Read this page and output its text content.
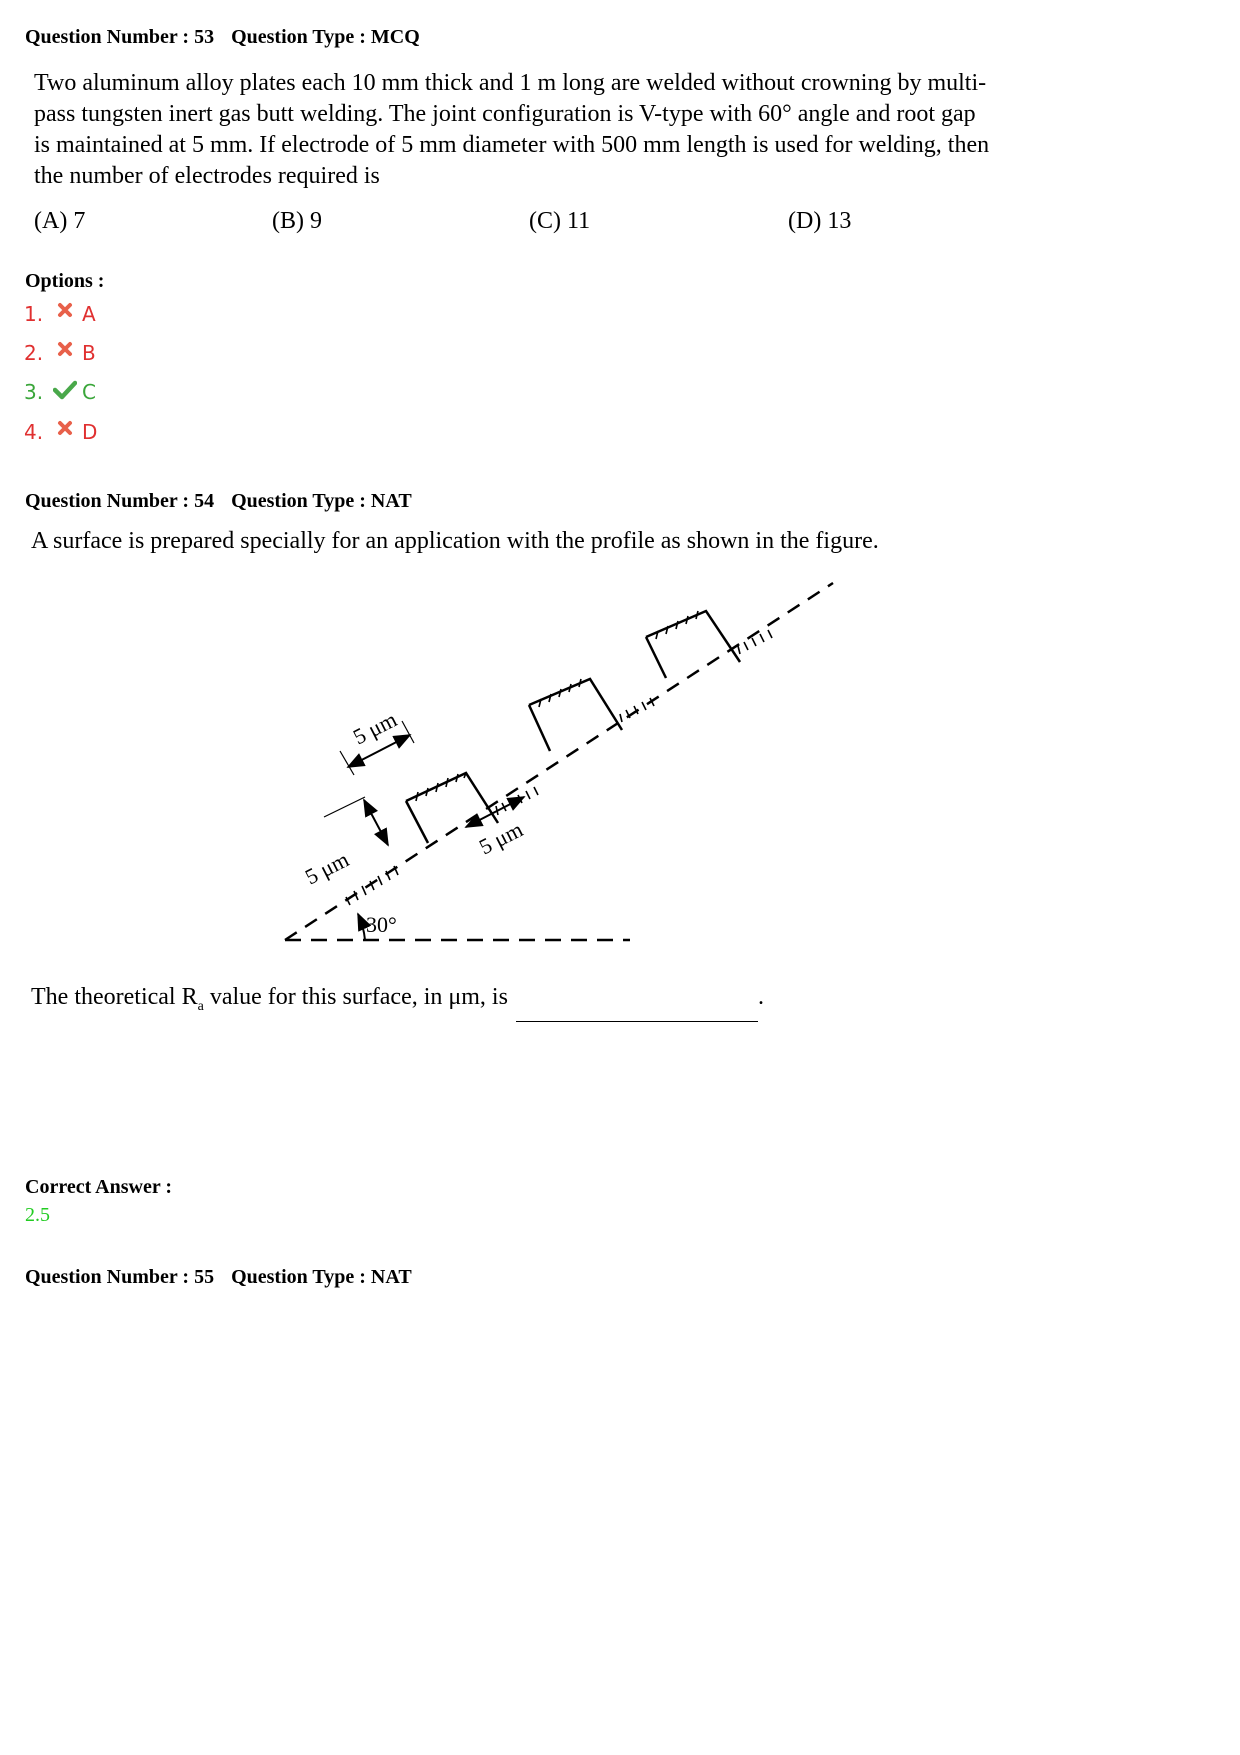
Question Number : 53 Question Type : MCQ
Two aluminum alloy plates each 10 mm thick and 1 m long are welded without crowning by multi-
pass tungsten inert gas butt welding. The joint configuration is V-type with 60° angle and root gap
is maintained at 5 mm. If electrode of 5 mm diameter with 500 mm length is used for welding, then
the number of electrodes required is
(A) 7	(B) 9	(C) 11	(D) 13
Options :
1.	A
2.	B
3.	C
4.	D
Question Number : 54 Question Type : NAT
A surface is prepared specially for an application with the profile as shown in the figure.
5 μm
5 μm
5 μm
30°
The theoretical $R_a$ value for this surface, in μm, is	.
Correct Answer :
2.5
Question Number : 55 Question Type : NAT
